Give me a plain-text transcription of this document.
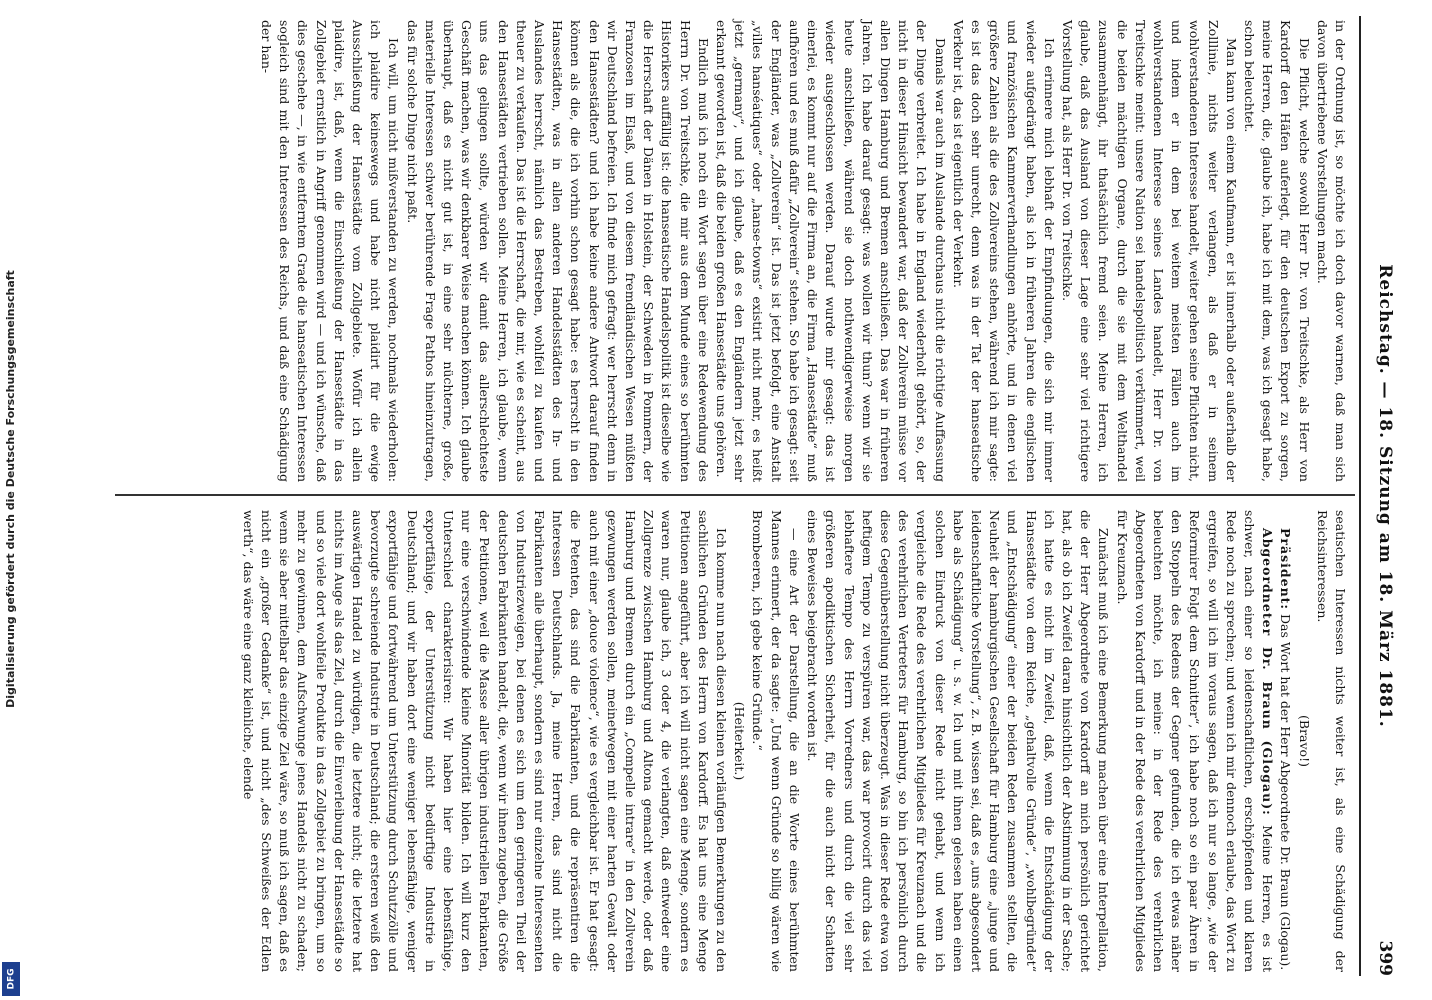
Reichstag. — 18. Sitzung am 18. März 1881.
399

in der Ordnung ist, so möchte ich doch davor warnen, daß man sich davon übertriebene Vorstellungen macht.

Die Pflicht, welche sowohl Herr Dr. von Treitschke, als Herr von Kardorff den Häfen auferlegt, für den deutschen Export zu sorgen, meine Herren, die, glaube ich, habe ich mit dem, was ich gesagt habe, schon beleuchtet.

Man kann von einem Kaufmann, er ist innerhalb oder außerhalb der Zolllinie, nichts weiter verlangen, als daß er in seinem wohlverstandenen Interesse handelt, weiter gehen seine Pflichten nicht, und indem er in dem bei weitem meisten Fällen auch im wohlverstandenen Interesse seines Landes handelt, Herr Dr. von Treitschke meint: unsere Nation sei handelspolitisch verkümmert, weil die beiden mächtigen Organe, durch die sie mit dem Welthandel zusammenhängt, ihr thatsächlich fremd seien. Meine Herren, ich glaube, daß das Ausland von dieser Lage eine sehr viel richtigere Vorstellung hat, als Herr Dr. von Treitschke.

Ich erinnere mich lebhaft der Empfindungen, die sich mir immer wieder aufgedrängt haben, als ich in früheren Jahren die englischen und französischen Kammerverhandlungen anhörte, und in denen viel größere Zahlen als die des Zollvereins stehen, während ich mir sagte: es ist das doch sehr unrecht, denn was in der Tat der hanseatische Verkehr ist, das ist eigentlich der Verkehr.

Damals war auch im Auslande durchaus nicht die richtige Auffassung der Dinge verbreitet. Ich habe in England wiederholt gehört, so, der nicht in dieser Hinsicht bewandert war, daß der Zollverein müsse vor allen Dingen Hamburg und Bremen anschließen. Das war in früheren Jahren. Ich habe darauf gesagt: was wollen wir thun? wenn wir sie heute anschließen, während sie doch nothwendigerweise morgen wieder ausgeschlossen werden. Darauf wurde mir gesagt: das ist einerlei, es kommt nur auf die Firma an, die Firma „Hansestädte“ muß aufhören und es muß dafür „Zollverein“ stehen. So habe ich gesagt: seit der Engländer, was „Zollverein“ ist. Das ist jetzt befolgt, eine Anstalt „villes hanséatiques“ oder „hanse-towns“ existirt nicht mehr, es heißt jetzt „germany“, und ich glaube, daß es den Engländern jetzt sehr erkannt geworden ist, daß die beiden großen Hansestädte uns gehören.

Endlich muß ich noch ein Wort sagen über eine Redewendung des Herrn Dr. von Treitschke, die mir aus dem Munde eines so berühmten Historikers auffällig ist: die hanseatische Handelspolitik ist dieselbe wie die Herrschaft der Dänen in Holstein, der Schweden in Pommern, der Franzosen im Elsaß, und von diesem fremdländischen Wesen müßten wir Deutschland befreien. Ich finde mich gefragt: wer herrscht denn in den Hansestädten? und ich habe keine andere Antwort darauf finden können als die, die ich vorhin schon gesagt habe: es herrscht in den Hansestädten, was in allen anderen Handelsstädten des In- und Auslandes herrscht, nämlich das Bestreben, wohlfeil zu kaufen und theuer zu verkaufen. Das ist die Herrschaft, die mir, wie es scheint, aus den Hansestädten vertrieben sollen. Meine Herren, ich glaube, wenn uns das gelingen sollte, würden wir damit das allerschlechteste Geschäft machen, was wir denkbarer Weise machen können. Ich glaube überhaupt, daß es nicht gut ist, in eine sehr nüchterne, große, materielle Interessen schwer berührende Frage Pathos hineinzutragen, das für solche Dinge nicht paßt.

Ich will, um nicht mißverstanden zu werden, nochmals wiederholen: ich plaidire keineswegs und habe nicht plaidirt für die ewige Ausschließung der Hansestädte vom Zollgebiete. Wofür ich allein plaidire, ist, daß, wenn die Einschließung der Hansestädte in das Zollgebiet ernstlich in Angriff genommen wird — und ich wünsche, daß dies geschehe —, in wie entferntem Grade die hanseatischen Interessen sogleich sind mit den Interessen des Reichs, und daß eine Schädigung der han-

seatischen Interessen nichts weiter ist, als eine Schädigung der Reichsinteressen.

(Bravo!)

Präsident: Das Wort hat der Herr Abgeordnete Dr. Braun (Glogau).

Abgeordneter Dr. Braun (Glogau): Meine Herren, es ist schwer, nach einer so leidenschaftlichen, erschöpfenden und klaren Rede noch zu sprechen; und wenn ich mir dennoch erlaube, das Wort zu ergreifen, so will ich im voraus sagen, daß ich nur so lange, „wie der Reformirer Folgt dem Schnitter“, ich habe noch so ein paar Ähren in den Stoppeln des Redens der Gegner gefunden, die ich etwas näher beleuchten möchte, ich meine: in der Rede des verehrlichen Abgeordneten von Kardorff und in der Rede des verehrlichen Mitgliedes für Kreuznach.

Zunächst muß ich eine Bemerkung machen über eine Interpellation, die der Herr Abgeordnete von Kardorff an mich persönlich gerichtet hat, als ob ich Zweifel daran hinsichtlich der Abstimmung in der Sache; ich hatte es nicht im Zweifel, daß, wenn die Entschädigung der Hansestädte von dem Reiche, „gehaltvolle Gründe“, „wohlbegründet“ und „Entschädigung“ einer der beiden Reden zusammen stellten, die Neuheit der hamburgischen Gesellschaft für Hamburg eine „junge und leidenschaftliche Vorstellung“, z. B. wissen sei, daß es „uns abgesondert habe als Schädigung“ u. s. w. Ich und mit ihnen gelesen haben einen solchen Eindruck von dieser Rede nicht gehabt, und wenn ich vergleiche die Rede des verehrlichen Mitgliedes für Kreuznach und die des verehrlichen Vertreters für Hamburg, so bin ich persönlich durch diese Gegenüberstellung nicht überzeugt. Was in dieser Rede etwa von heftigem Tempo zu verspüren war, das war provocirt durch das viel lebhaftere Tempo des Herrn Vorredners und durch die viel sehr größeren apodiktischen Sicherheit, für die auch nicht der Schatten eines Beweises beigebracht worden ist.

— eine Art der Darstellung, die an die Worte eines berühmten Mannes erinnert, der da sagte: „Und wenn Gründe so billig wären wie Brombeeren, ich gebe keine Gründe.“

(Heiterkeit.)

Ich komme nun nach diesen kleinen vorläufigen Bemerkungen zu den sachlichen Gründen des Herrn von Kardorff. Es hat uns eine Menge Petitionen angeführt, aber ich will nicht sagen eine Menge, sondern es waren nur, glaube ich, 3 oder 4, die verlangten, daß entweder eine Zollgrenze zwischen Hamburg und Altona gemacht werde, oder daß Hamburg und Bremen durch ein „Compelle intrare“ in den Zollverein gezwungen werden sollen, meinetwegen mit einer harten Gewalt oder auch mit einer „douce violence“, wie es vergleichbar ist. Er hat gesagt: die Petenten, das sind die Fabrikanten, und die repräsentiren die Interessen Deutschlands. Ja, meine Herren, das sind nicht die Fabrikanten alle überhaupt, sondern es sind nur einzelne Interessenten von Industriezweigen, bei denen es sich um den geringeren Theil der deutschen Fabrikanten handelt, die, wenn wir ihnen zugeben, die Größe der Petitionen, weil die Masse aller übrigen industriellen Fabrikanten, nur eine verschwindende kleine Minorität bilden. Ich will kurz den Unterschied charakterisiren: Wir haben hier eine lebensfähige, exportfähige, der Unterstützung nicht bedürftige Industrie in Deutschland; und wir haben dort eine weniger lebensfähige, weniger exportfähige und fortwährend um Unterstützung durch Schutzzölle und bevorzugte schreiende Industrie in Deutschland; die ersteren weiß den auswärtigen Handel zu würdigen, die letztere nicht; die letztere hat nichts im Auge als das Ziel, durch die Einverleibung der Hansestädte so und so viele dort wohlfeile Produkte in das Zollgebiet zu bringen, um so mehr zu gewinnen, dem Aufschwunge jenes Handels nicht zu schaden; wenn sie aber mittelbar das einzige Ziel wäre, so muß ich sagen, daß es nicht ein „großer Gedanke“ ist, und nicht „des Schweißes der Edlen werth“, das wäre eine ganz kleinliche, elende

Digitalisierung gefördert durch die Deutsche Forschungsgemeinschaft
DFG
